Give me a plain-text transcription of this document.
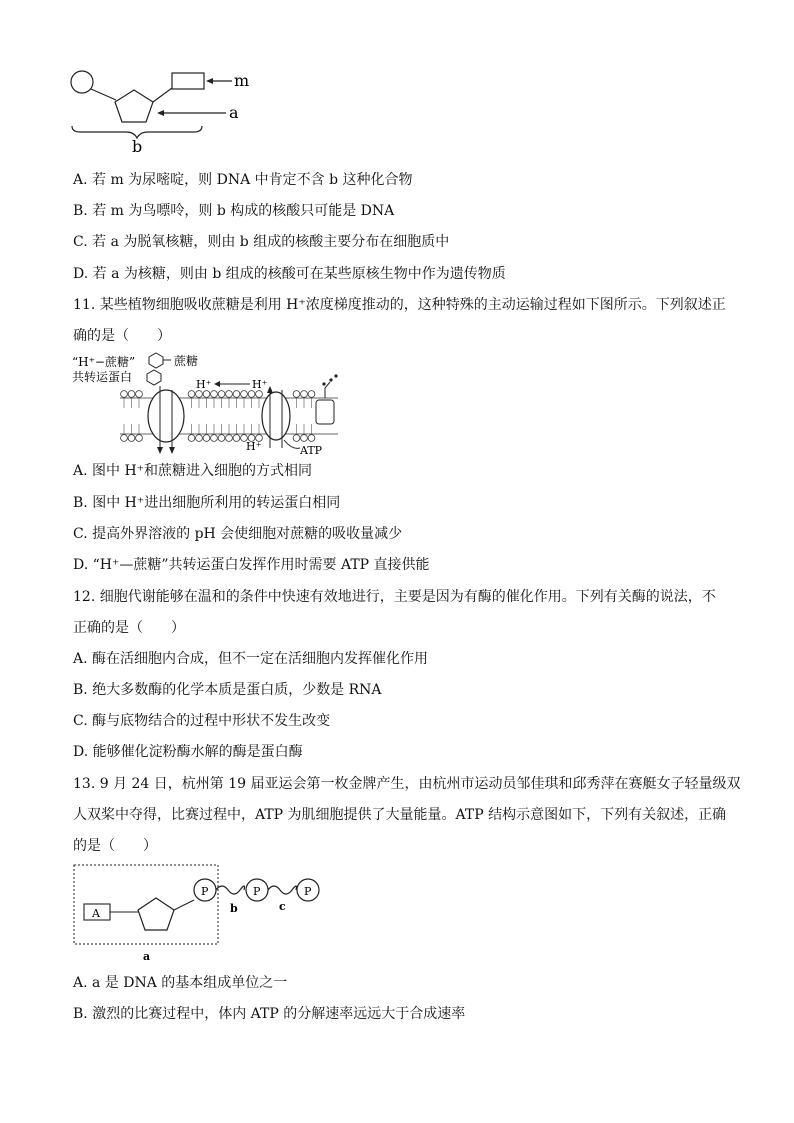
m
a
b
A. 若 m 为尿嘧啶，则 DNA 中肯定不含 b 这种化合物
B. 若 m 为鸟嘌呤，则 b 构成的核酸只可能是 DNA
C. 若 a 为脱氧核糖，则由 b 组成的核酸主要分布在细胞质中
D. 若 a 为核糖，则由 b 组成的核酸可在某些原核生物中作为遗传物质
11. 某些植物细胞吸收蔗糖是利用 H⁺浓度梯度推动的，这种特殊的主动运输过程如下图所示。下列叙述正
确的是（　　）
“H⁺−蔗糖”
共转运蛋白
蔗糖
H⁺	H⁺
H⁺	ATP
A. 图中 H⁺和蔗糖进入细胞的方式相同
B. 图中 H⁺进出细胞所利用的转运蛋白相同
C. 提高外界溶液的 pH 会使细胞对蔗糖的吸收量减少
D. “H⁺—蔗糖”共转运蛋白发挥作用时需要 ATP 直接供能
12. 细胞代谢能够在温和的条件中快速有效地进行，主要是因为有酶的催化作用。下列有关酶的说法，不
正确的是（　　）
A. 酶在活细胞内合成，但不一定在活细胞内发挥催化作用
B. 绝大多数酶的化学本质是蛋白质，少数是 RNA
C. 酶与底物结合的过程中形状不发生改变
D. 能够催化淀粉酶水解的酶是蛋白酶
13. 9 月 24 日，杭州第 19 届亚运会第一枚金牌产生，由杭州市运动员邹佳琪和邱秀萍在赛艇女子轻量级双
人双桨中夺得，比赛过程中，ATP 为肌细胞提供了大量能量。ATP 结构示意图如下，下列有关叙述，正确
的是（　　）
A
P
b
P
c
P
a
A. a 是 DNA 的基本组成单位之一
B. 激烈的比赛过程中，体内 ATP 的分解速率远远大于合成速率
